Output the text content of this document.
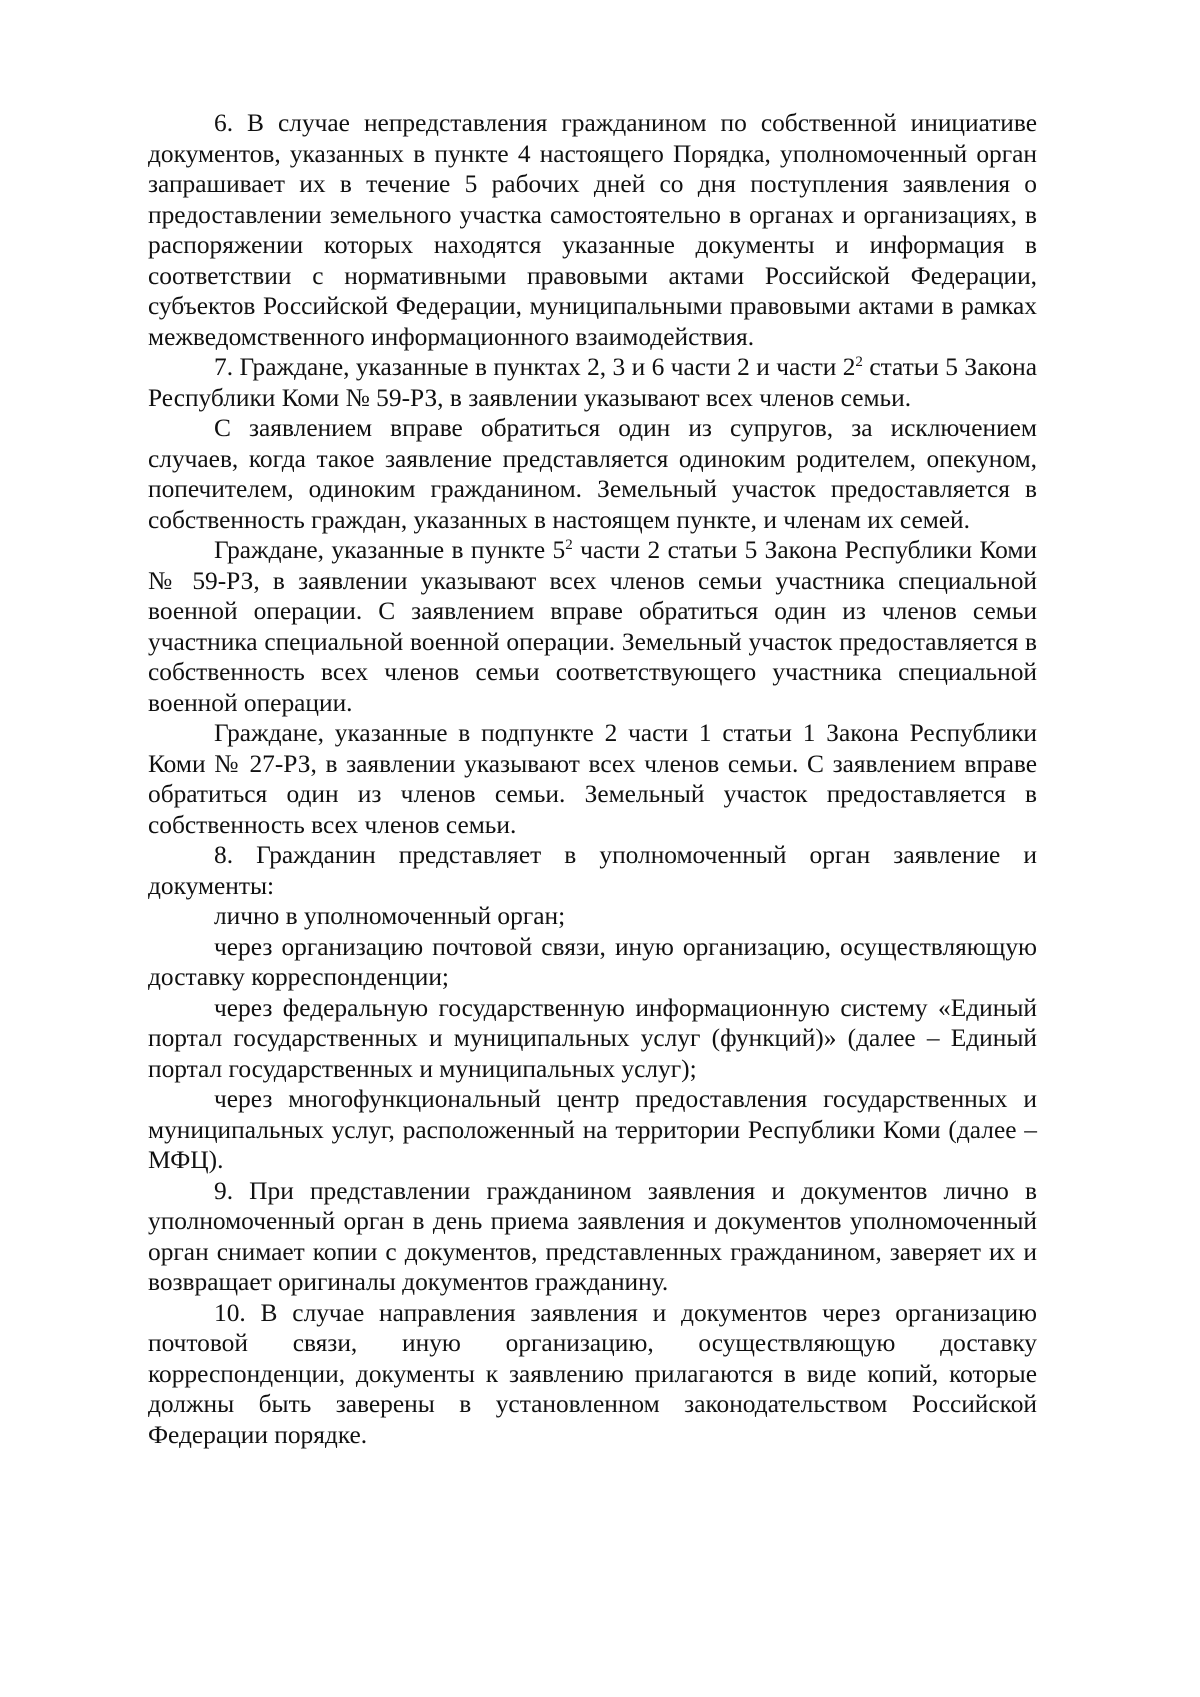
6. В случае непредставления гражданином по собственной инициативе документов, указанных в пункте 4 настоящего Порядка, уполномоченный орган запрашивает их в течение 5 рабочих дней со дня поступления заявления о предоставлении земельного участка самостоятельно в органах и организациях, в распоряжении которых находятся указанные документы и информация в соответствии с нормативными правовыми актами Российской Федерации, субъектов Российской Федерации, муниципальными правовыми актами в рамках межведомственного информационного взаимодействия.

7. Граждане, указанные в пунктах 2, 3 и 6 части 2 и части $2^2$ статьи 5 Закона Республики Коми № 59-РЗ, в заявлении указывают всех членов семьи.

С заявлением вправе обратиться один из супругов, за исключением случаев, когда такое заявление представляется одиноким родителем, опекуном, попечителем, одиноким гражданином. Земельный участок предоставляется в собственность граждан, указанных в настоящем пункте, и членам их семей.

Граждане, указанные в пункте $5^2$ части 2 статьи 5 Закона Республики Коми № 59-РЗ, в заявлении указывают всех членов семьи участника специальной военной операции. С заявлением вправе обратиться один из членов семьи участника специальной военной операции. Земельный участок предоставляется в собственность всех членов семьи соответствующего участника специальной военной операции.

Граждане, указанные в подпункте 2 части 1 статьи 1 Закона Республики Коми № 27-РЗ, в заявлении указывают всех членов семьи. С заявлением вправе обратиться один из членов семьи. Земельный участок предоставляется в собственность всех членов семьи.

8. Гражданин представляет в уполномоченный орган заявление и документы:

лично в уполномоченный орган;

через организацию почтовой связи, иную организацию, осуществляющую доставку корреспонденции;

через федеральную государственную информационную систему «Единый портал государственных и муниципальных услуг (функций)» (далее – Единый портал государственных и муниципальных услуг);

через многофункциональный центр предоставления государственных и муниципальных услуг, расположенный на территории Республики Коми (далее – МФЦ).

9. При представлении гражданином заявления и документов лично в уполномоченный орган в день приема заявления и документов уполномоченный орган снимает копии с документов, представленных гражданином, заверяет их и возвращает оригиналы документов гражданину.

10. В случае направления заявления и документов через организацию почтовой связи, иную организацию, осуществляющую доставку корреспонденции, документы к заявлению прилагаются в виде копий, которые должны быть заверены в установленном законодательством Российской Федерации порядке.
